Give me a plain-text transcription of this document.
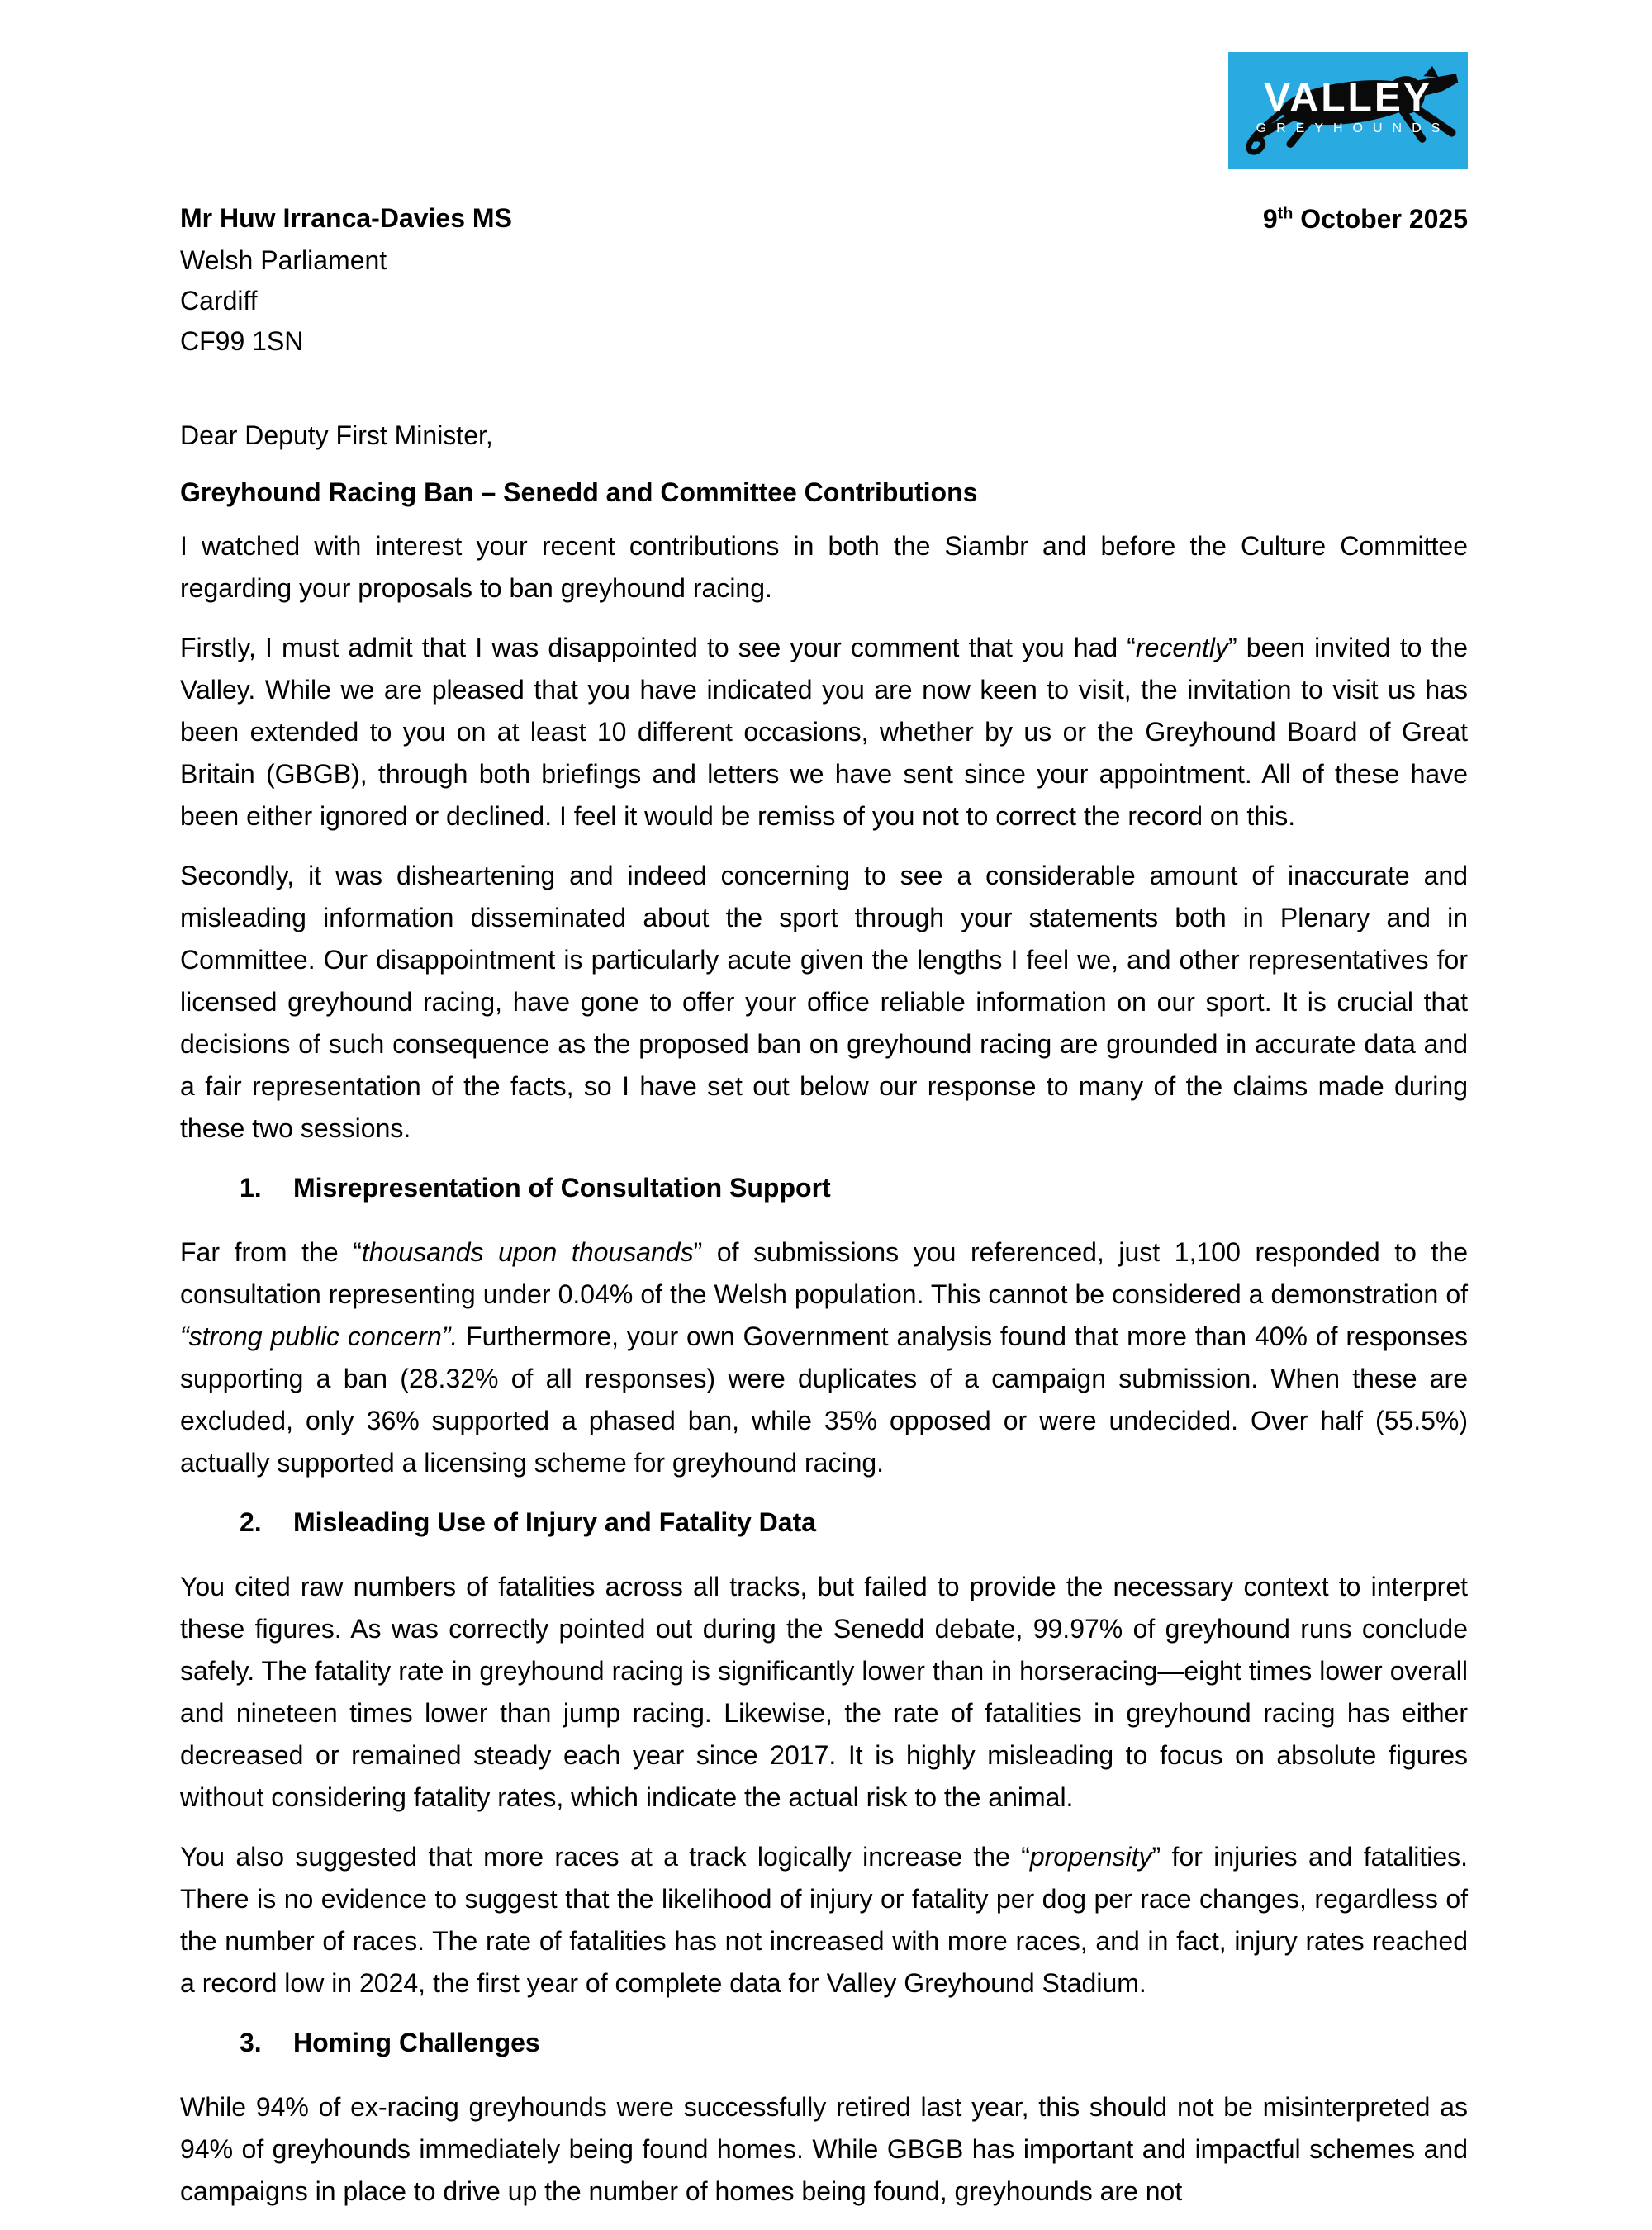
VALLEY
GREYHOUNDS
Mr Huw Irranca-Davies MS	9th October 2025
Welsh Parliament
Cardiff
CF99 1SN
Dear Deputy First Minister,
Greyhound Racing Ban – Senedd and Committee Contributions

I watched with interest your recent contributions in both the Siambr and before the Culture Committee regarding your proposals to ban greyhound racing.

Firstly, I must admit that I was disappointed to see your comment that you had “recently” been invited to the Valley. While we are pleased that you have indicated you are now keen to visit, the invitation to visit us has been extended to you on at least 10 different occasions, whether by us or the Greyhound Board of Great Britain (GBGB), through both briefings and letters we have sent since your appointment. All of these have been either ignored or declined. I feel it would be remiss of you not to correct the record on this.

Secondly, it was disheartening and indeed concerning to see a considerable amount of inaccurate and misleading information disseminated about the sport through your statements both in Plenary and in Committee. Our disappointment is particularly acute given the lengths I feel we, and other representatives for licensed greyhound racing, have gone to offer your office reliable information on our sport. It is crucial that decisions of such consequence as the proposed ban on greyhound racing are grounded in accurate data and a fair representation of the facts, so I have set out below our response to many of the claims made during these two sessions.

1.	Misrepresentation of Consultation Support

Far from the “thousands upon thousands” of submissions you referenced, just 1,100 responded to the consultation representing under 0.04% of the Welsh population. This cannot be considered a demonstration of “strong public concern”. Furthermore, your own Government analysis found that more than 40% of responses supporting a ban (28.32% of all responses) were duplicates of a campaign submission. When these are excluded, only 36% supported a phased ban, while 35% opposed or were undecided. Over half (55.5%) actually supported a licensing scheme for greyhound racing.

2.	Misleading Use of Injury and Fatality Data

You cited raw numbers of fatalities across all tracks, but failed to provide the necessary context to interpret these figures. As was correctly pointed out during the Senedd debate, 99.97% of greyhound runs conclude safely. The fatality rate in greyhound racing is significantly lower than in horseracing—eight times lower overall and nineteen times lower than jump racing. Likewise, the rate of fatalities in greyhound racing has either decreased or remained steady each year since 2017. It is highly misleading to focus on absolute figures without considering fatality rates, which indicate the actual risk to the animal.

You also suggested that more races at a track logically increase the “propensity” for injuries and fatalities. There is no evidence to suggest that the likelihood of injury or fatality per dog per race changes, regardless of the number of races. The rate of fatalities has not increased with more races, and in fact, injury rates reached a record low in 2024, the first year of complete data for Valley Greyhound Stadium.

3.	Homing Challenges

While 94% of ex-racing greyhounds were successfully retired last year, this should not be misinterpreted as 94% of greyhounds immediately being found homes. While GBGB has important and impactful schemes and campaigns in place to drive up the number of homes being found, greyhounds are not
